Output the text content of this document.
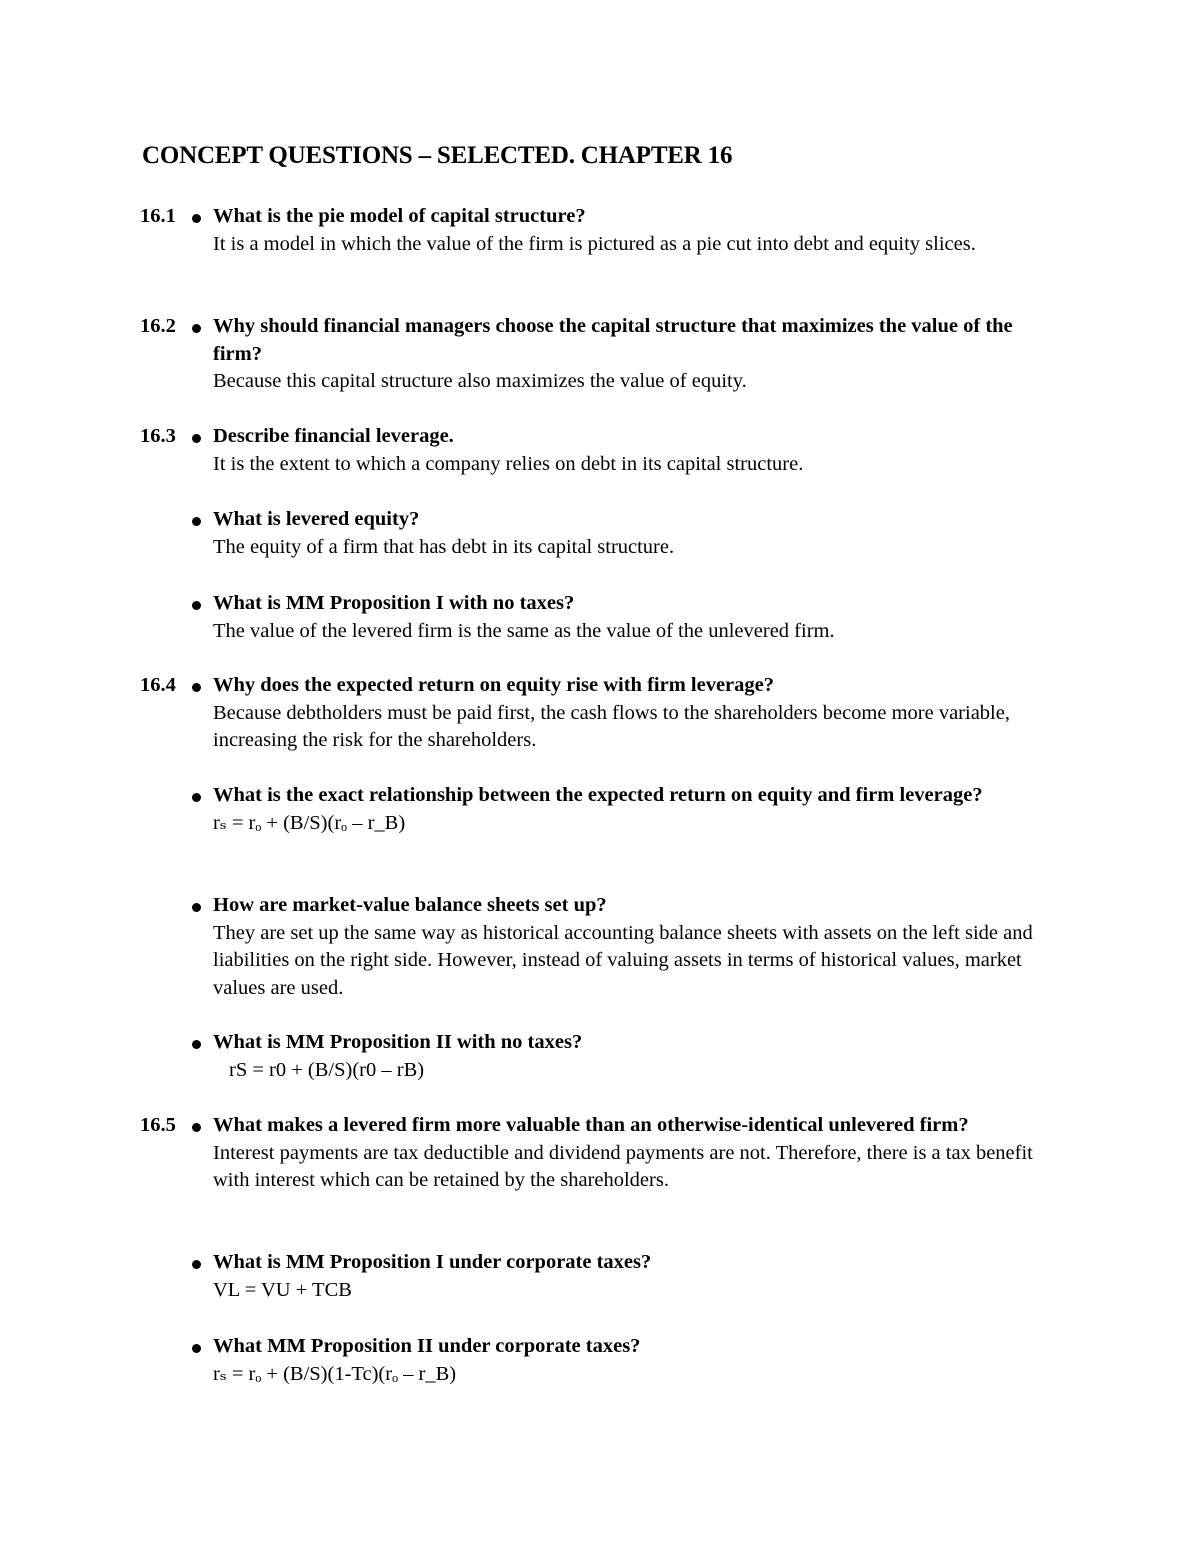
CONCEPT QUESTIONS – SELECTED. CHAPTER 16
16.1 What is the pie model of capital structure?
It is a model in which the value of the firm is pictured as a pie cut into debt and equity slices.
16.2 Why should financial managers choose the capital structure that maximizes the value of the firm?
Because this capital structure also maximizes the value of equity.
16.3 Describe financial leverage.
It is the extent to which a company relies on debt in its capital structure.
What is levered equity?
The equity of a firm that has debt in its capital structure.
What is MM Proposition I with no taxes?
The value of the levered firm is the same as the value of the unlevered firm.
16.4 Why does the expected return on equity rise with firm leverage?
Because debtholders must be paid first, the cash flows to the shareholders become more variable, increasing the risk for the shareholders.
What is the exact relationship between the expected return on equity and firm leverage?
rₛ = rₒ + (B/S)(rₒ – r_B)
How are market-value balance sheets set up?
They are set up the same way as historical accounting balance sheets with assets on the left side and liabilities on the right side. However, instead of valuing assets in terms of historical values, market values are used.
What is MM Proposition II with no taxes?
rS = r0 + (B/S)(r0 – rB)
16.5 What makes a levered firm more valuable than an otherwise-identical unlevered firm?
Interest payments are tax deductible and dividend payments are not. Therefore, there is a tax benefit with interest which can be retained by the shareholders.
What is MM Proposition I under corporate taxes?
VL = VU + TCB
What MM Proposition II under corporate taxes?
rₛ = rₒ + (B/S)(1-Tc)(rₒ – r_B)
